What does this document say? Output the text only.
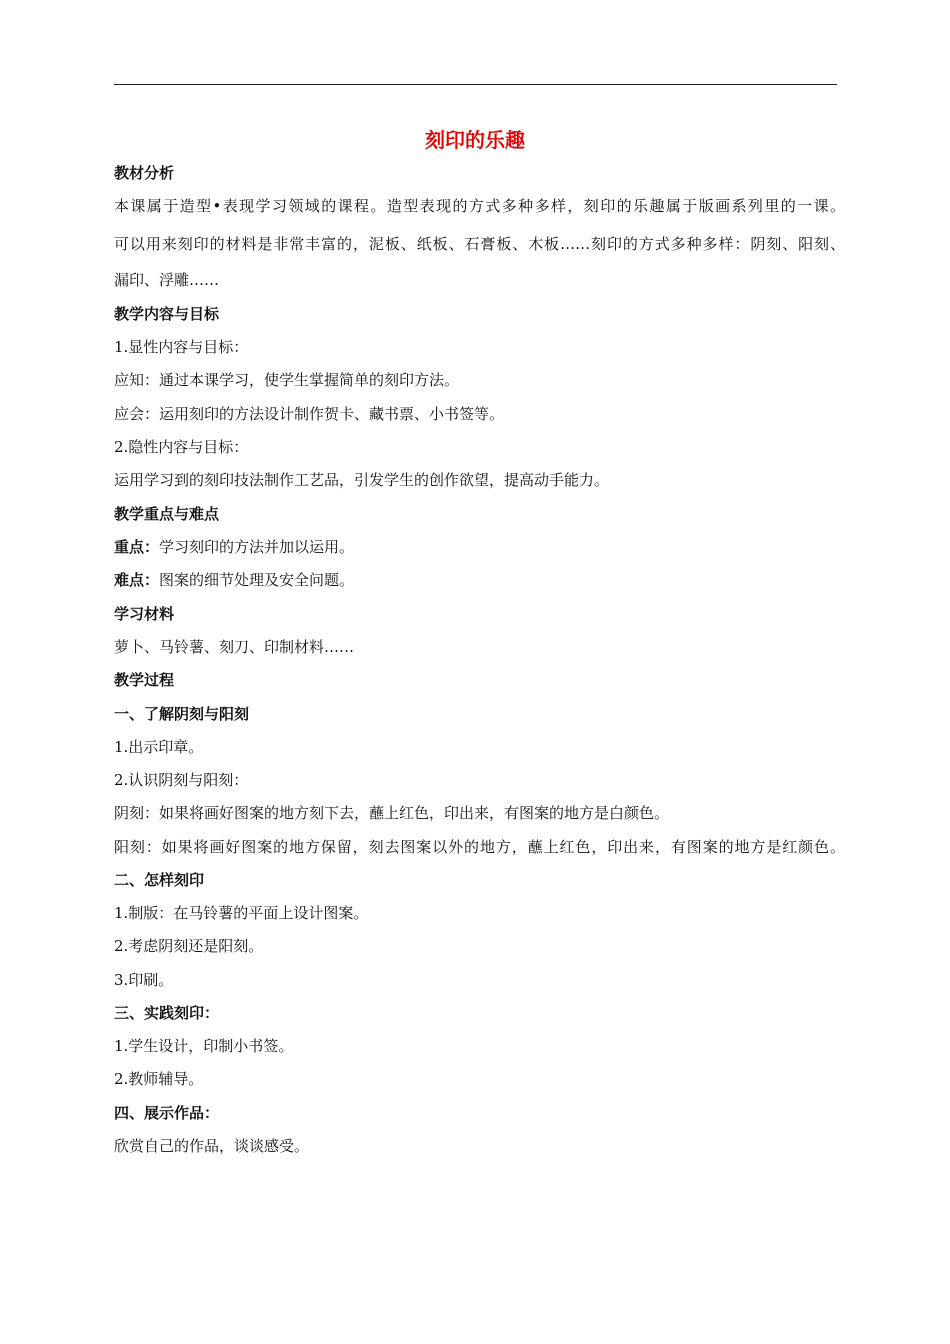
刻印的乐趣
教材分析
本课属于造型•表现学习领域的课程。造型表现的方式多种多样，刻印的乐趣属于版画系列里的一课。
可以用来刻印的材料是非常丰富的，泥板、纸板、石膏板、木板……刻印的方式多种多样：阴刻、阳刻、
漏印、浮雕……
教学内容与目标
1.显性内容与目标：
应知：通过本课学习，使学生掌握简单的刻印方法。
应会：运用刻印的方法设计制作贺卡、藏书票、小书签等。
2.隐性内容与目标：
运用学习到的刻印技法制作工艺品，引发学生的创作欲望，提高动手能力。
教学重点与难点
重点：学习刻印的方法并加以运用。
难点：图案的细节处理及安全问题。
学习材料
萝卜、马铃薯、刻刀、印制材料……
教学过程
一、了解阴刻与阳刻
1.出示印章。
2.认识阴刻与阳刻：
阴刻：如果将画好图案的地方刻下去，蘸上红色，印出来，有图案的地方是白颜色。
阳刻：如果将画好图案的地方保留，刻去图案以外的地方，蘸上红色，印出来，有图案的地方是红颜色。
二、怎样刻印
1.制版：在马铃薯的平面上设计图案。
2.考虑阴刻还是阳刻。
3.印刷。
三、实践刻印：
1.学生设计，印制小书签。
2.教师辅导。
四、展示作品：
欣赏自己的作品，谈谈感受。
